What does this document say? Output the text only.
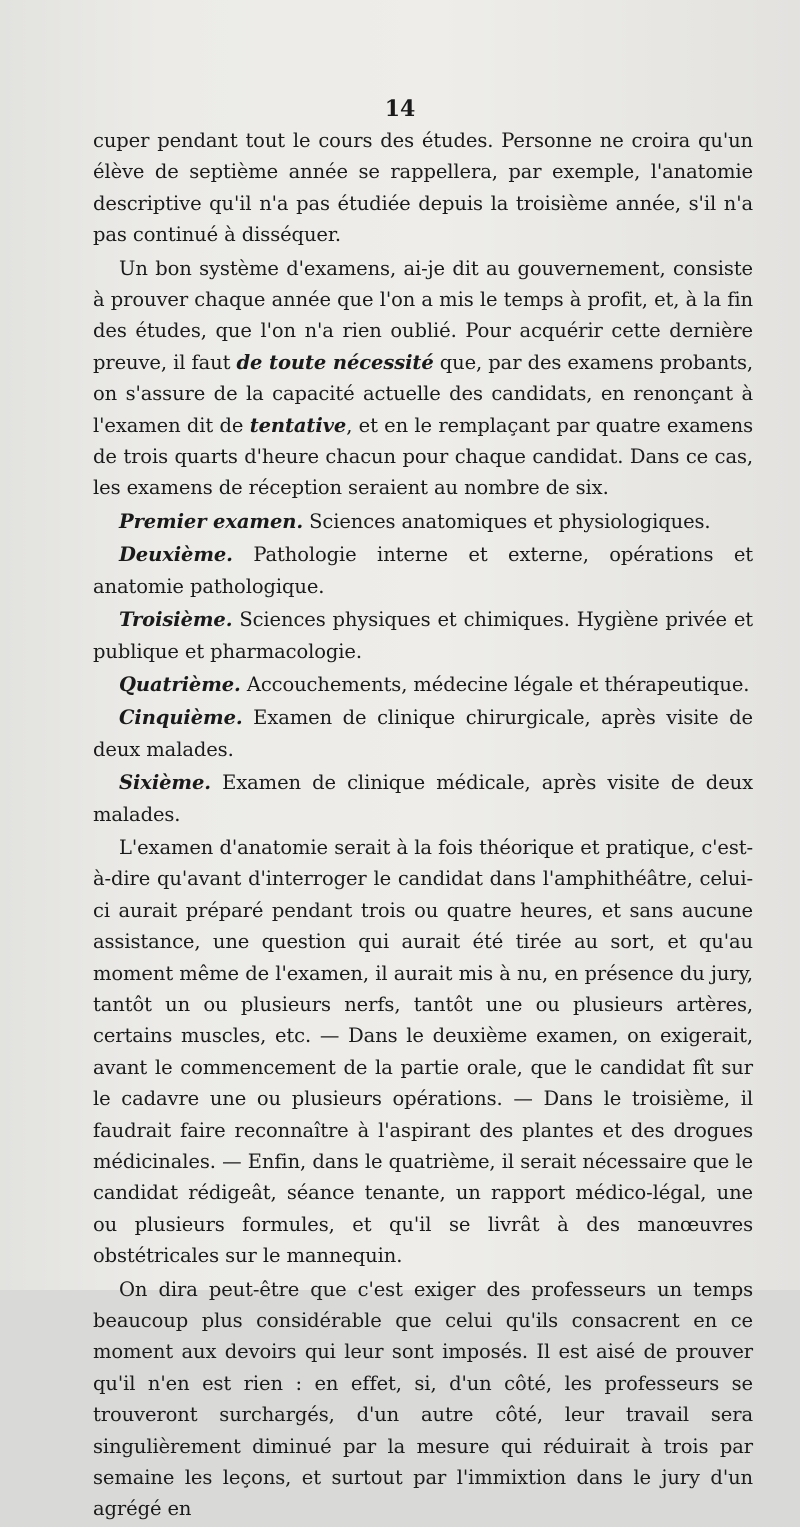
14

cuper pendant tout le cours des études. Personne ne croira qu'un élève de septième année se rappellera, par exemple, l'anatomie descriptive qu'il n'a pas étudiée depuis la troisième année, s'il n'a pas continué à disséquer.

Un bon système d'examens, ai-je dit au gouvernement, consiste à prouver chaque année que l'on a mis le temps à profit, et, à la fin des études, que l'on n'a rien oublié. Pour acquérir cette dernière preuve, il faut de toute nécessité que, par des examens probants, on s'assure de la capacité actuelle des candidats, en renonçant à l'examen dit de tentative, et en le remplaçant par quatre examens de trois quarts d'heure chacun pour chaque candidat. Dans ce cas, les examens de réception seraient au nombre de six.

Premier examen. Sciences anatomiques et physiologiques.

Deuxième. Pathologie interne et externe, opérations et anatomie pathologique.

Troisième. Sciences physiques et chimiques. Hygiène privée et publique et pharmacologie.

Quatrième. Accouchements, médecine légale et thérapeutique.

Cinquième. Examen de clinique chirurgicale, après visite de deux malades.

Sixième. Examen de clinique médicale, après visite de deux malades.

L'examen d'anatomie serait à la fois théorique et pratique, c'est-à-dire qu'avant d'interroger le candidat dans l'amphithéâtre, celui-ci aurait préparé pendant trois ou quatre heures, et sans aucune assistance, une question qui aurait été tirée au sort, et qu'au moment même de l'examen, il aurait mis à nu, en présence du jury, tantôt un ou plusieurs nerfs, tantôt une ou plusieurs artères, certains muscles, etc. — Dans le deuxième examen, on exigerait, avant le commencement de la partie orale, que le candidat fît sur le cadavre une ou plusieurs opérations. — Dans le troisième, il faudrait faire reconnaître à l'aspirant des plantes et des drogues médicinales. — Enfin, dans le quatrième, il serait nécessaire que le candidat rédigeât, séance tenante, un rapport médico-légal, une ou plusieurs formules, et qu'il se livrât à des manœuvres obstétricales sur le mannequin.

On dira peut-être que c'est exiger des professeurs un temps beaucoup plus considérable que celui qu'ils consacrent en ce moment aux devoirs qui leur sont imposés. Il est aisé de prouver qu'il n'en est rien : en effet, si, d'un côté, les professeurs se trouveront surchargés, d'un autre côté, leur travail sera singulièrement diminué par la mesure qui réduirait à trois par semaine les leçons, et surtout par l'immixtion dans le jury d'un agrégé en
